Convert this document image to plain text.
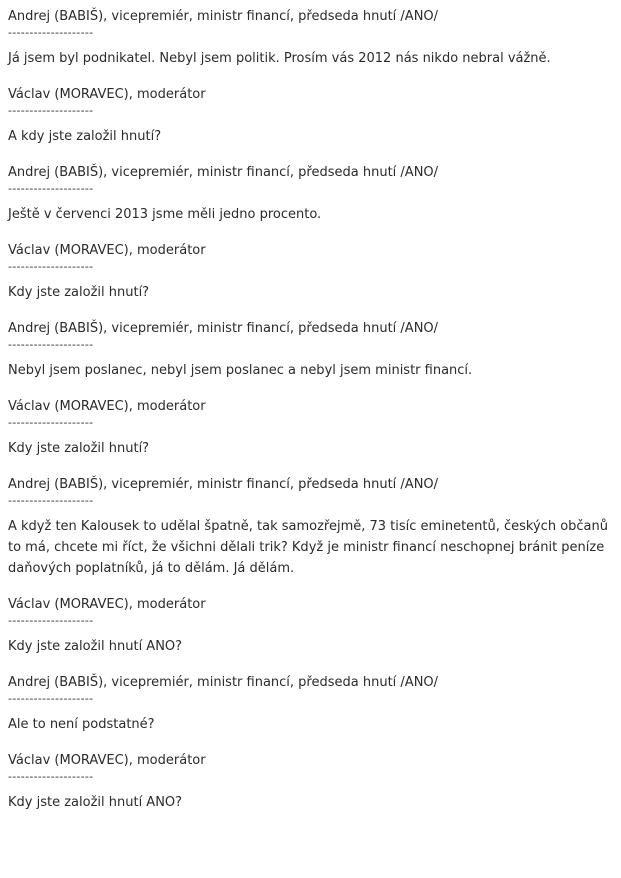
Andrej (BABIŠ), vicepremiér, ministr financí, předseda hnutí /ANO/
--------------------
Já jsem byl podnikatel. Nebyl jsem politik. Prosím vás 2012 nás nikdo nebral vážně.
Václav (MORAVEC), moderátor
--------------------
A kdy jste založil hnutí?
Andrej (BABIŠ), vicepremiér, ministr financí, předseda hnutí /ANO/
--------------------
Ještě v červenci 2013 jsme měli jedno procento.
Václav (MORAVEC), moderátor
--------------------
Kdy jste založil hnutí?
Andrej (BABIŠ), vicepremiér, ministr financí, předseda hnutí /ANO/
--------------------
Nebyl jsem poslanec, nebyl jsem poslanec a nebyl jsem ministr financí.
Václav (MORAVEC), moderátor
--------------------
Kdy jste založil hnutí?
Andrej (BABIŠ), vicepremiér, ministr financí, předseda hnutí /ANO/
--------------------
A když ten Kalousek to udělal špatně, tak samozřejmě, 73 tisíc eminetentů, českých občanů to má, chcete mi říct, že všichni dělali trik? Když je ministr financí neschopnej bránit peníze daňových poplatníků, já to dělám. Já dělám.
Václav (MORAVEC), moderátor
--------------------
Kdy jste založil hnutí ANO?
Andrej (BABIŠ), vicepremiér, ministr financí, předseda hnutí /ANO/
--------------------
Ale to není podstatné?
Václav (MORAVEC), moderátor
--------------------
Kdy jste založil hnutí ANO?
